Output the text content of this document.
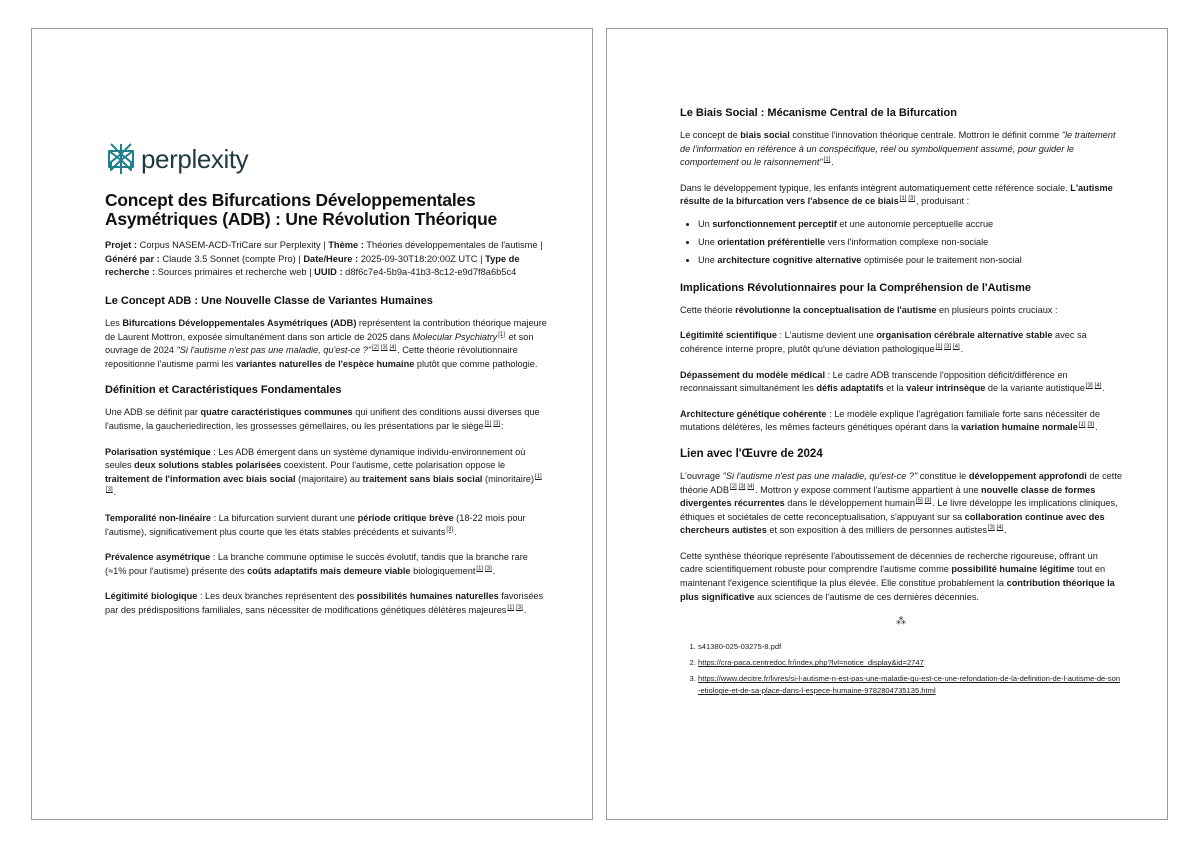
perplexity
Concept des Bifurcations Développementales Asymétriques (ADB) : Une Révolution Théorique

Projet : Corpus NASEM-ACD-TriCare sur Perplexity | Thème : Théories développementales de l'autisme | Généré par : Claude 3.5 Sonnet (compte Pro) | Date/Heure : 2025-09-30T18:20:00Z UTC | Type de recherche : Sources primaires et recherche web | UUID : d8f6c7e4-5b9a-41b3-8c12-e9d7f8a6b5c4

Le Concept ADB : Une Nouvelle Classe de Variantes Humaines

Les Bifurcations Développementales Asymétriques (ADB) représentent la contribution théorique majeure de Laurent Mottron, exposée simultanément dans son article de 2025 dans Molecular Psychiatry[1] et son ouvrage de 2024 "Si l'autisme n'est pas une maladie, qu'est-ce ?"[2] [3] [4]. Cette théorie révolutionnaire repositionne l'autisme parmi les variantes naturelles de l'espèce humaine plutôt que comme pathologie.

Définition et Caractéristiques Fondamentales

Une ADB se définit par quatre caractéristiques communes qui unifient des conditions aussi diverses que l'autisme, la gaucheriedirection, les grossesses gémellaires, ou les présentations par le siège[1] [3]:

Polarisation systémique : Les ADB émergent dans un système dynamique individu-environnement où seules deux solutions stables polarisées coexistent. Pour l'autisme, cette polarisation oppose le traitement de l'information avec biais social (majoritaire) au traitement sans biais social (minoritaire)[1][3].

Temporalité non-linéaire : La bifurcation survient durant une période critique brève (18-22 mois pour l'autisme), significativement plus courte que les états stables précédents et suivants[3].

Prévalence asymétrique : La branche commune optimise le succès évolutif, tandis que la branche rare (≈1% pour l'autisme) présente des coûts adaptatifs mais demeure viable biologiquement[1] [3].

Légitimité biologique : Les deux branches représentent des possibilités humaines naturelles favorisées par des prédispositions familiales, sans nécessiter de modifications génétiques délétères majeures[1] [3].

Le Biais Social : Mécanisme Central de la Bifurcation

Le concept de biais social constitue l'innovation théorique centrale. Mottron le définit comme "le traitement de l'information en référence à un conspécifique, réel ou symboliquement assumé, pour guider le comportement ou le raisonnement"[1].

Dans le développement typique, les enfants intègrent automatiquement cette référence sociale. L'autisme résulte de la bifurcation vers l'absence de ce biais[1] [3], produisant :

• Un surfonctionnement perceptif et une autonomie perceptuelle accrue
• Une orientation préférentielle vers l'information complexe non-sociale
• Une architecture cognitive alternative optimisée pour le traitement non-social
Implications Révolutionnaires pour la Compréhension de l'Autisme

Cette théorie révolutionne la conceptualisation de l'autisme en plusieurs points cruciaux :

Légitimité scientifique : L'autisme devient une organisation cérébrale alternative stable avec sa cohérence interne propre, plutôt qu'une déviation pathologique[1] [3] [4].

Dépassement du modèle médical : Le cadre ADB transcende l'opposition déficit/différence en reconnaissant simultanément les défis adaptatifs et la valeur intrinsèque de la variante autistique[3] [4].

Architecture génétique cohérente : Le modèle explique l'agrégation familiale forte sans nécessiter de mutations délétères, les mêmes facteurs génétiques opérant dans la variation humaine normale[1] [3].

Lien avec l'Œuvre de 2024

L'ouvrage "Si l'autisme n'est pas une maladie, qu'est-ce ?" constitue le développement approfondi de cette théorie ADB[2] [3] [4]. Mottron y expose comment l'autisme appartient à une nouvelle classe de formes divergentes récurrentes dans le développement humain[5] [3]. Le livre développe les implications cliniques, éthiques et sociétales de cette reconceptualisation, s'appuyant sur sa collaboration continue avec des chercheurs autistes et son exposition à des milliers de personnes autistes[3] [4].

Cette synthèse théorique représente l'aboutissement de décennies de recherche rigoureuse, offrant un cadre scientifiquement robuste pour comprendre l'autisme comme possibilité humaine légitime tout en maintenant l'exigence scientifique la plus élevée. Elle constitue probablement la contribution théorique la plus significative aux sciences de l'autisme de ces dernières décennies.

⁂
1. s41380-025-03275-8.pdf
2. https://cra-paca.centredoc.fr/index.php?lvl=notice_display&id=2747
3. https://www.decitre.fr/livres/si-l-autisme-n-est-pas-une-maladie-qu-est-ce-une-refondation-de-la-definition-de-l-autisme-de-son-etiologie-et-de-sa-place-dans-l-espece-humaine-9782804735135.html
